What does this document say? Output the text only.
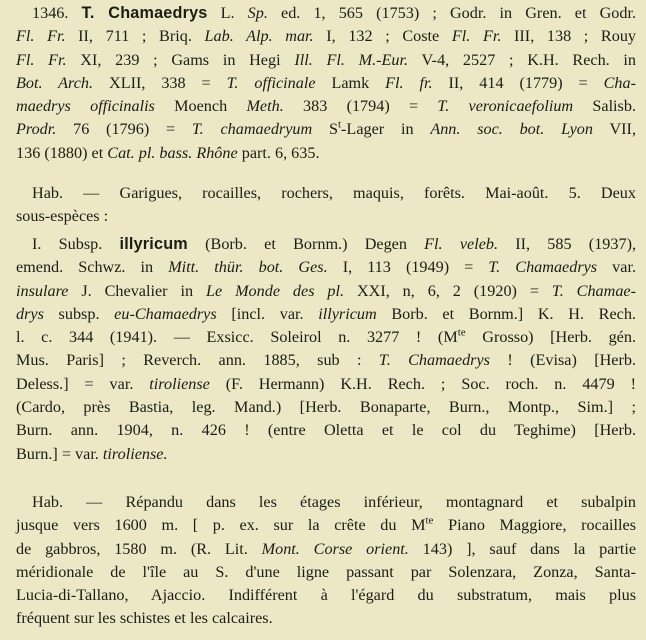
1346. T. Chamaedrys L. Sp. ed. 1, 565 (1753) ; Godr. in Gren. et Godr.
Fl. Fr. II, 711 ; Briq. Lab. Alp. mar. I, 132 ; Coste Fl. Fr. III, 138 ; Rouy
Fl. Fr. XI, 239 ; Gams in Hegi Ill. Fl. M.-Eur. V-4, 2527 ; K.H. Rech. in
Bot. Arch. XLII, 338 = T. officinale Lamk Fl. fr. II, 414 (1779) = Cha-
maedrys officinalis Moench Meth. 383 (1794) = T. veronicaefolium Salisb.
Prodr. 76 (1796) = T. chamaedryum $S^t$-Lager in Ann. soc. bot. Lyon VII,
136 (1880) et Cat. pl. bass. Rhône part. 6, 635.
Hab. — Garigues, rocailles, rochers, maquis, forêts. Mai-août. 5. Deux
sous-espèces :
I. Subsp. illyricum (Borb. et Bornm.) Degen Fl. veleb. II, 585 (1937),
emend. Schwz. in Mitt. thür. bot. Ges. I, 113 (1949) = T. Chamaedrys var.
insulare J. Chevalier in Le Monde des pl. XXI, n, 6, 2 (1920) = T. Chamae-
drys subsp. eu-Chamaedrys [incl. var. illyricum Borb. et Bornm.] K. H. Rech.
l. c. 344 (1941). — Exsicc. Soleirol n. 3277 ! ($M^{te}$ Grosso) [Herb. gén.
Mus. Paris] ; Reverch. ann. 1885, sub : T. Chamaedrys ! (Evisa) [Herb.
Deless.] = var. tiroliense (F. Hermann) K.H. Rech. ; Soc. roch. n. 4479 !
(Cardo, près Bastia, leg. Mand.) [Herb. Bonaparte, Burn., Montp., Sim.] ;
Burn. ann. 1904, n. 426 ! (entre Oletta et le col du Teghime) [Herb.
Burn.] = var. tiroliense.
Hab. — Répandu dans les étages inférieur, montagnard et subalpin
jusque vers 1600 m. [ p. ex. sur la crête du $M^{te}$ Piano Maggiore, rocailles
de gabbros, 1580 m. (R. Lit. Mont. Corse orient. 143) ], sauf dans la partie
méridionale de l'île au S. d'une ligne passant par Solenzara, Zonza, Santa-
Lucia-di-Tallano, Ajaccio. Indifférent à l'égard du substratum, mais plus
fréquent sur les schistes et les calcaires.
